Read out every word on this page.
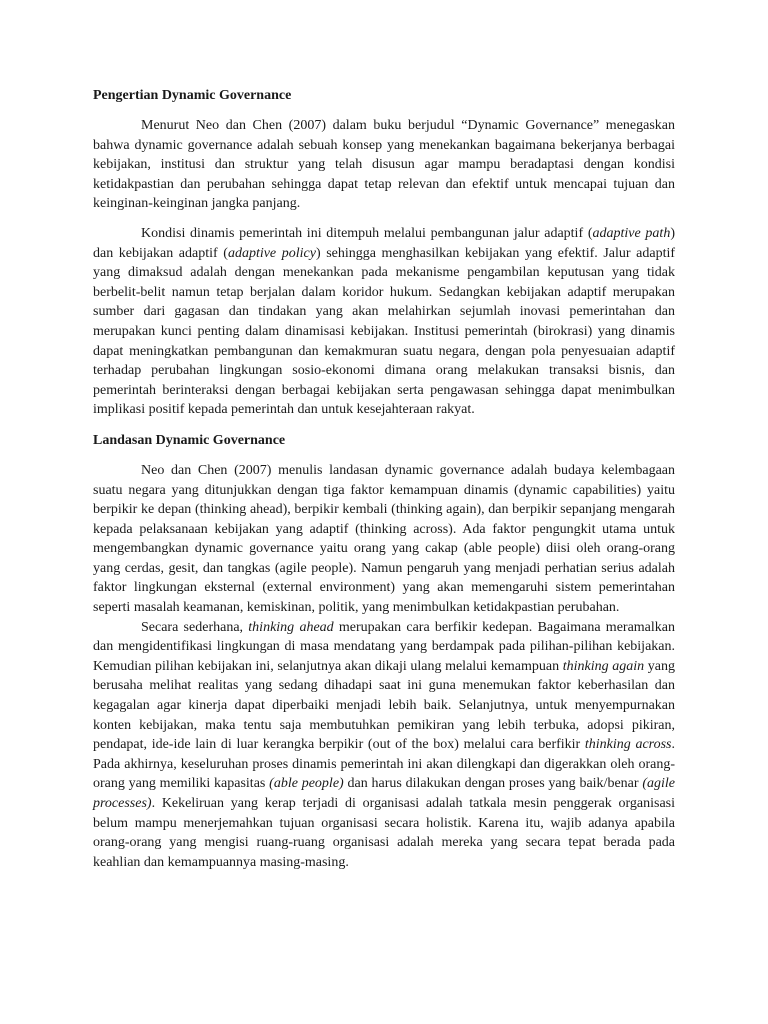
Pengertian Dynamic Governance

Menurut Neo dan Chen (2007) dalam buku berjudul “Dynamic Governance” menegaskan bahwa dynamic governance adalah sebuah konsep yang menekankan bagaimana bekerjanya berbagai kebijakan, institusi dan struktur yang telah disusun agar mampu beradaptasi dengan kondisi ketidakpastian dan perubahan sehingga dapat tetap relevan dan efektif untuk mencapai tujuan dan keinginan-keinginan jangka panjang.

Kondisi dinamis pemerintah ini ditempuh melalui pembangunan jalur adaptif (adaptive path) dan kebijakan adaptif (adaptive policy) sehingga menghasilkan kebijakan yang efektif. Jalur adaptif yang dimaksud adalah dengan menekankan pada mekanisme pengambilan keputusan yang tidak berbelit-belit namun tetap berjalan dalam koridor hukum. Sedangkan kebijakan adaptif merupakan sumber dari gagasan dan tindakan yang akan melahirkan sejumlah inovasi pemerintahan dan merupakan kunci penting dalam dinamisasi kebijakan. Institusi pemerintah (birokrasi) yang dinamis dapat meningkatkan pembangunan dan kemakmuran suatu negara, dengan pola penyesuaian adaptif terhadap perubahan lingkungan sosio-ekonomi dimana orang melakukan transaksi bisnis, dan pemerintah berinteraksi dengan berbagai kebijakan serta pengawasan sehingga dapat menimbulkan implikasi positif kepada pemerintah dan untuk kesejahteraan rakyat.

Landasan Dynamic Governance

Neo dan Chen (2007) menulis landasan dynamic governance adalah budaya kelembagaan suatu negara yang ditunjukkan dengan tiga faktor kemampuan dinamis (dynamic capabilities) yaitu berpikir ke depan (thinking ahead), berpikir kembali (thinking again), dan berpikir sepanjang mengarah kepada pelaksanaan kebijakan yang adaptif (thinking across). Ada faktor pengungkit utama untuk mengembangkan dynamic governance yaitu orang yang cakap (able people) diisi oleh orang-orang yang cerdas, gesit, dan tangkas (agile people). Namun pengaruh yang menjadi perhatian serius adalah faktor lingkungan eksternal (external environment) yang akan memengaruhi sistem pemerintahan seperti masalah keamanan, kemiskinan, politik, yang menimbulkan ketidakpastian perubahan.

Secara sederhana, thinking ahead merupakan cara berfikir kedepan. Bagaimana meramalkan dan mengidentifikasi lingkungan di masa mendatang yang berdampak pada pilihan-pilihan kebijakan. Kemudian pilihan kebijakan ini, selanjutnya akan dikaji ulang melalui kemampuan thinking again yang berusaha melihat realitas yang sedang dihadapi saat ini guna menemukan faktor keberhasilan dan kegagalan agar kinerja dapat diperbaiki menjadi lebih baik. Selanjutnya, untuk menyempurnakan konten kebijakan, maka tentu saja membutuhkan pemikiran yang lebih terbuka, adopsi pikiran, pendapat, ide-ide lain di luar kerangka berpikir (out of the box) melalui cara berfikir thinking across. Pada akhirnya, keseluruhan proses dinamis pemerintah ini akan dilengkapi dan digerakkan oleh orang-orang yang memiliki kapasitas (able people) dan harus dilakukan dengan proses yang baik/benar (agile processes). Kekeliruan yang kerap terjadi di organisasi adalah tatkala mesin penggerak organisasi belum mampu menerjemahkan tujuan organisasi secara holistik. Karena itu, wajib adanya apabila orang-orang yang mengisi ruang-ruang organisasi adalah mereka yang secara tepat berada pada keahlian dan kemampuannya masing-masing.
